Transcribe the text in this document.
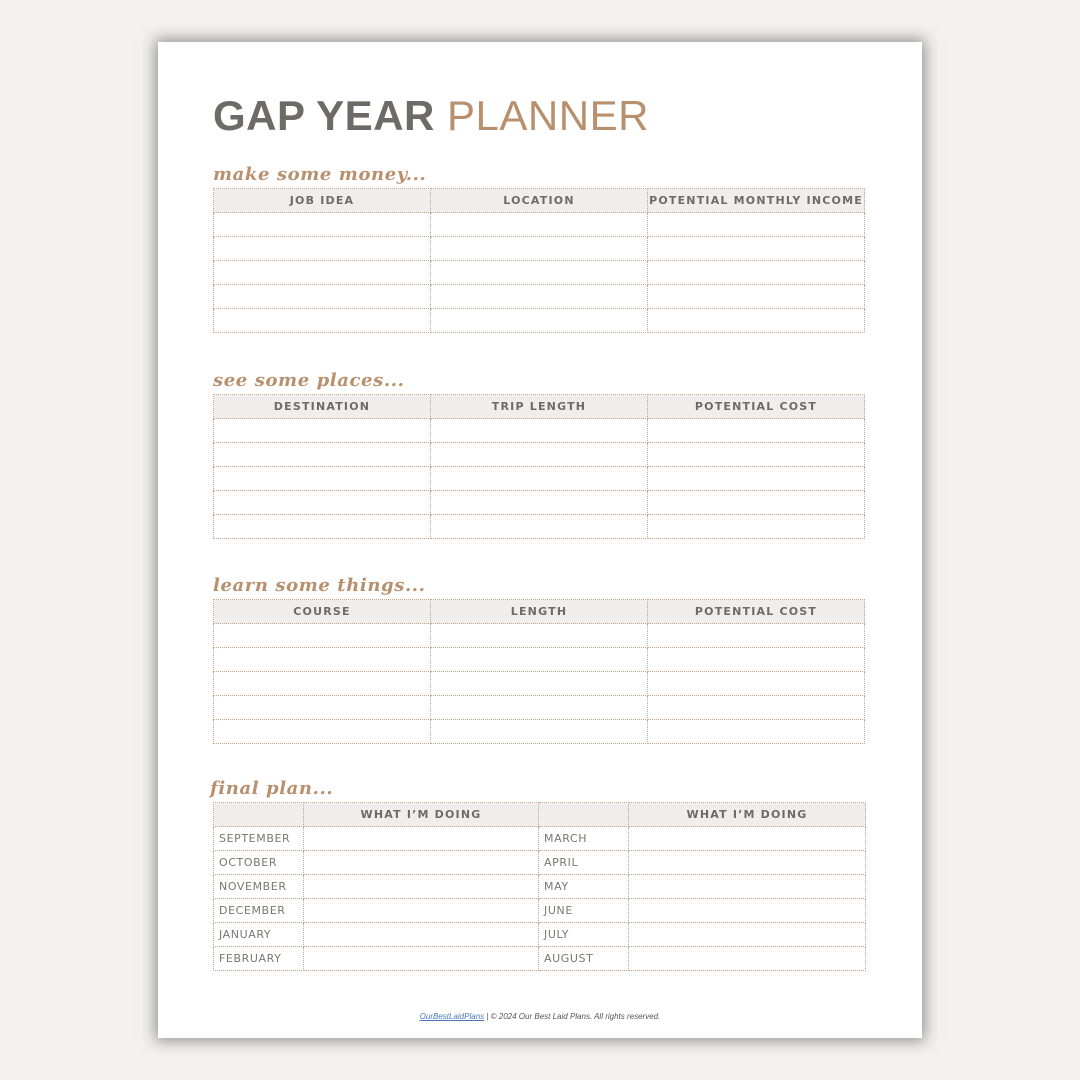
GAP YEAR PLANNER
make some money...
JOB IDEA	LOCATION	POTENTIAL MONTHLY INCOME

see some places...
DESTINATION	TRIP LENGTH	POTENTIAL COST

learn some things...
COURSE	LENGTH	POTENTIAL COST

final plan...
	WHAT I’M DOING		WHAT I’M DOING
SEPTEMBER		MARCH	
OCTOBER		APRIL	
NOVEMBER		MAY	
DECEMBER		JUNE	
JANUARY		JULY	
FEBRUARY		AUGUST	
OurBestLaidPlans | © 2024 Our Best Laid Plans. All rights reserved.
